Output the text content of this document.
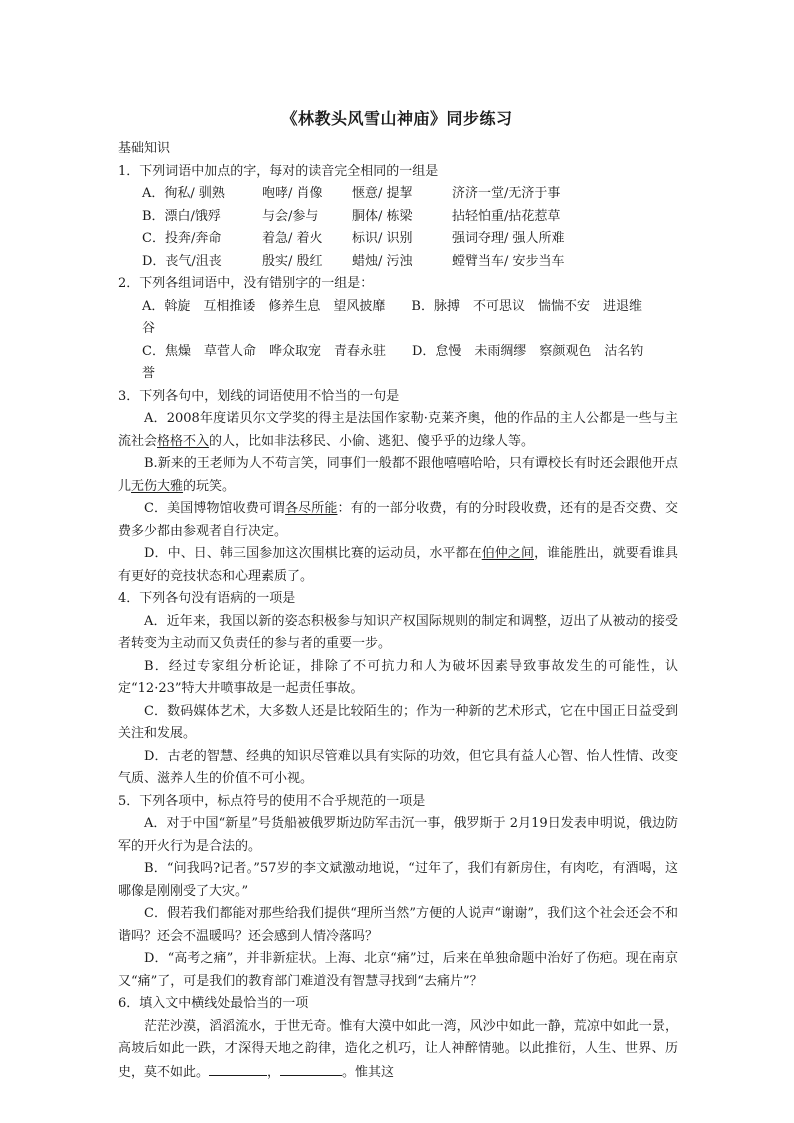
《林教头风雪山神庙》同步练习
基础知识
1．下列词语中加点的字，每对的读音完全相同的一组是
A．徇私/ 驯熟	咆哮/ 肖像	惬意/ 提挈	济济一堂/无济于事
B．漂白/饿殍	与会/参与	胴体/ 栋梁	拈轻怕重/拈花惹草
C．投奔/奔命	着急/ 着火	标识/ 识别	强词夺理/ 强人所难
D．丧气/沮丧	殷实/ 殷红	蜡烛/ 污浊	螳臂当车/ 安步当车
2．下列各组词语中，没有错别字的一组是：
A．斡旋　互相推诿　修养生息　望风披靡　　B．脉搏　不可思议　惴惴不安　进退维
谷
C．焦燥　草菅人命　哗众取宠　青春永驻　　D．怠慢　未雨绸缪　察颜观色　沽名钓
誉
3．下列各句中，划线的词语使用不恰当的一句是
A．2008年度诺贝尔文学奖的得主是法国作家勒·克莱齐奥，他的作品的主人公都是一些与主流社会格格不入的人，比如非法移民、小偷、逃犯、傻乎乎的边缘人等。
B.新来的王老师为人不苟言笑，同事们一般都不跟他嘻嘻哈哈，只有谭校长有时还会跟他开点儿无伤大雅的玩笑。
C．美国博物馆收费可谓各尽所能：有的一部分收费，有的分时段收费，还有的是否交费、交费多少都由参观者自行决定。
D．中、日、韩三国参加这次围棋比赛的运动员，水平都在伯仲之间，谁能胜出，就要看谁具有更好的竞技状态和心理素质了。
4．下列各句没有语病的一项是
A．近年来，我国以新的姿态积极参与知识产权国际规则的制定和调整，迈出了从被动的接受者转变为主动而又负责任的参与者的重要一步。
B．经过专家组分析论证，排除了不可抗力和人为破坏因素导致事故发生的可能性，认定“12·23”特大井喷事故是一起责任事故。
C．数码媒体艺术，大多数人还是比较陌生的；作为一种新的艺术形式，它在中国正日益受到关注和发展。
D．古老的智慧、经典的知识尽管难以具有实际的功效，但它具有益人心智、怡人性情、改变气质、滋养人生的价值不可小视。
5．下列各项中，标点符号的使用不合乎规范的一项是
A．对于中国“新星”号货船被俄罗斯边防军击沉一事，俄罗斯于 2月19日发表申明说，俄边防军的开火行为是合法的。
B．“问我吗?记者。”57岁的李文斌激动地说，“过年了，我们有新房住，有肉吃，有酒喝，这哪像是刚刚受了大灾。”
C．假若我们都能对那些给我们提供“理所当然”方便的人说声“谢谢”，我们这个社会还会不和谐吗？还会不温暖吗？还会感到人情冷落吗？
D．“高考之痛”，并非新症状。上海、北京“痛”过，后来在单独命题中治好了伤疤。现在南京又“痛”了，可是我们的教育部门难道没有智慧寻找到“去痛片”？
6．填入文中横线处最恰当的一项
茫茫沙漠，滔滔流水，于世无奇。惟有大漠中如此一湾，风沙中如此一静，荒凉中如此一景，高坡后如此一跌，才深得天地之韵律，造化之机巧，让人神醉情驰。以此推衍，人生、世界、历史，莫不如此。	，	。惟其这
